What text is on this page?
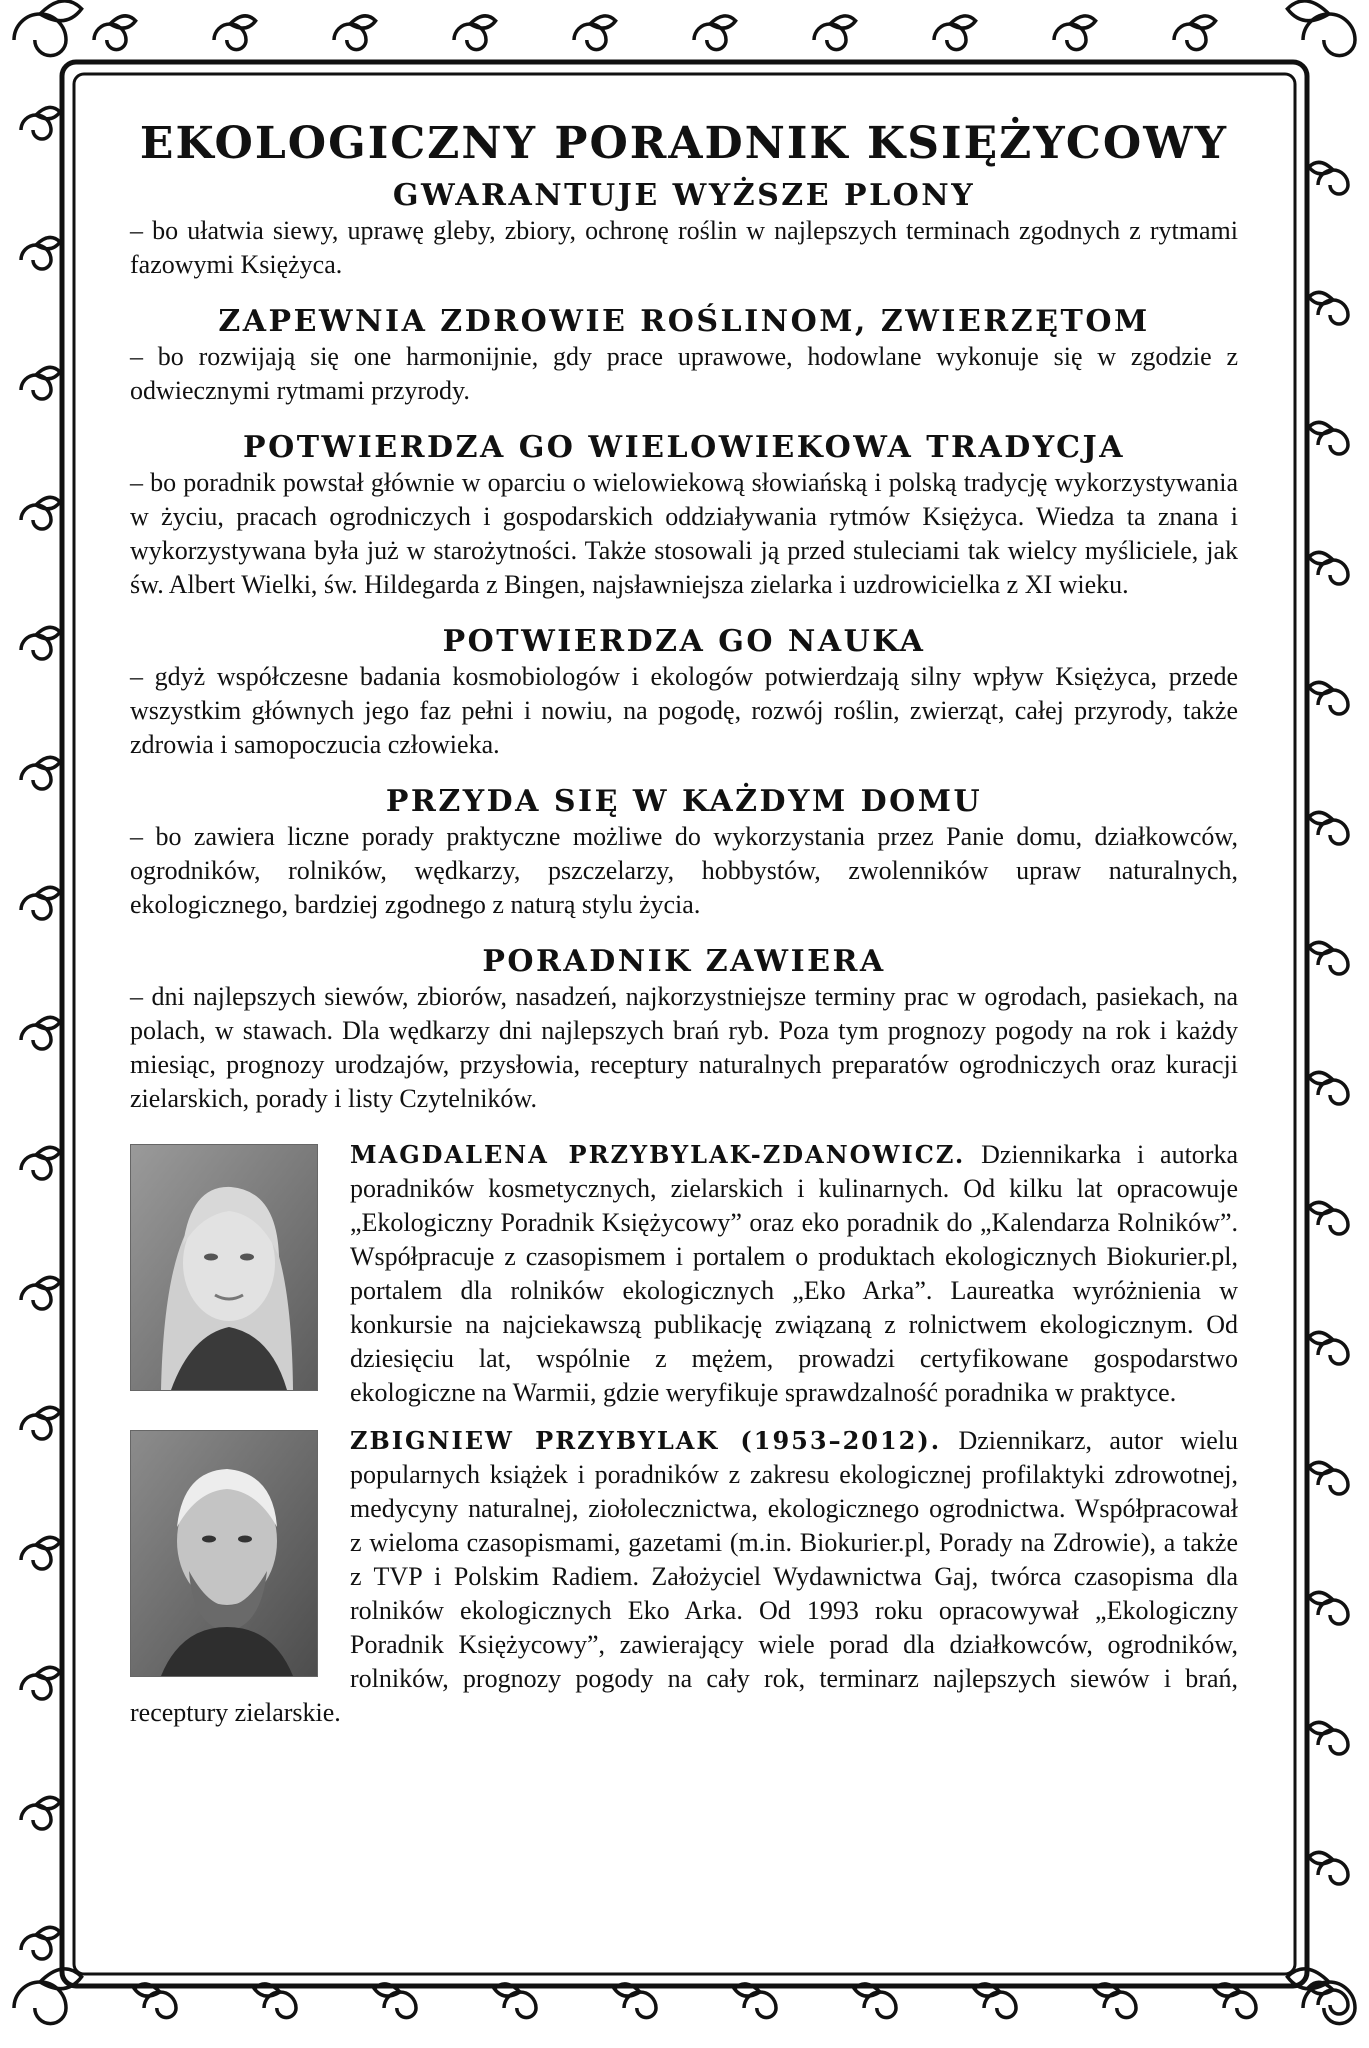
EKOLOGICZNY PORADNIK KSIĘŻYCOWY
GWARANTUJE WYŻSZE PLONY

– bo ułatwia siewy, uprawę gleby, zbiory, ochronę roślin w najlepszych terminach zgodnych z rytmami fazowymi Księżyca.

ZAPEWNIA ZDROWIE ROŚLINOM, ZWIERZĘTOM

– bo rozwijają się one harmonijnie, gdy prace uprawowe, hodowlane wykonuje się w zgodzie z odwiecznymi rytmami przyrody.

POTWIERDZA GO WIELOWIEKOWA TRADYCJA

– bo poradnik powstał głównie w oparciu o wielowiekową słowiańską i polską tradycję wykorzystywania w życiu, pracach ogrodniczych i gospodarskich oddziaływania rytmów Księżyca. Wiedza ta znana i wykorzystywana była już w starożytności. Także stosowali ją przed stuleciami tak wielcy myśliciele, jak św. Albert Wielki, św. Hildegarda z Bingen, najsławniejsza zielarka i uzdrowicielka z XI wieku.

POTWIERDZA GO NAUKA

– gdyż współczesne badania kosmobiologów i ekologów potwierdzają silny wpływ Księżyca, przede wszystkim głównych jego faz pełni i nowiu, na pogodę, rozwój roślin, zwierząt, całej przyrody, także zdrowia i samopoczucia człowieka.

PRZYDA SIĘ W KAŻDYM DOMU

– bo zawiera liczne porady praktyczne możliwe do wykorzystania przez Panie domu, działkowców, ogrodników, rolników, wędkarzy, pszczelarzy, hobbystów, zwolenników upraw naturalnych, ekologicznego, bardziej zgodnego z naturą stylu życia.

PORADNIK ZAWIERA

– dni najlepszych siewów, zbiorów, nasadzeń, najkorzystniejsze terminy prac w ogrodach, pasiekach, na polach, w stawach. Dla wędkarzy dni najlepszych brań ryb. Poza tym prognozy pogody na rok i każdy miesiąc, prognozy urodzajów, przysłowia, receptury naturalnych preparatów ogrodniczych oraz kuracji zielarskich, porady i listy Czytelników.

MAGDALENA PRZYBYLAK-ZDANOWICZ. Dziennikarka i autorka poradników kosmetycznych, zielarskich i kulinarnych. Od kilku lat opracowuje „Ekologiczny Poradnik Księżycowy” oraz eko poradnik do „Kalendarza Rolników”. Współpracuje z czasopismem i portalem o produktach ekologicznych Biokurier.pl, portalem dla rolników ekologicznych „Eko Arka”. Laureatka wyróżnienia w konkursie na najciekawszą publikację związaną z rolnictwem ekologicznym. Od dziesięciu lat, wspólnie z mężem, prowadzi certyfikowane gospodarstwo ekologiczne na Warmii, gdzie weryfikuje sprawdzalność poradnika w praktyce.

ZBIGNIEW PRZYBYLAK (1953–2012). Dziennikarz, autor wielu popularnych książek i poradników z zakresu ekologicznej profilaktyki zdrowotnej, medycyny naturalnej, ziołolecznictwa, ekologicznego ogrodnictwa. Współpracował z wieloma czasopismami, gazetami (m.in. Biokurier.pl, Porady na Zdrowie), a także z TVP i Polskim Radiem. Założyciel Wydawnictwa Gaj, twórca czasopisma dla rolników ekologicznych Eko Arka. Od 1993 roku opracowywał „Ekologiczny Poradnik Księżycowy”, zawierający wiele porad dla działkowców, ogrodników, rolników, prognozy pogody na cały rok, terminarz najlepszych siewów i brań, receptury zielarskie.
